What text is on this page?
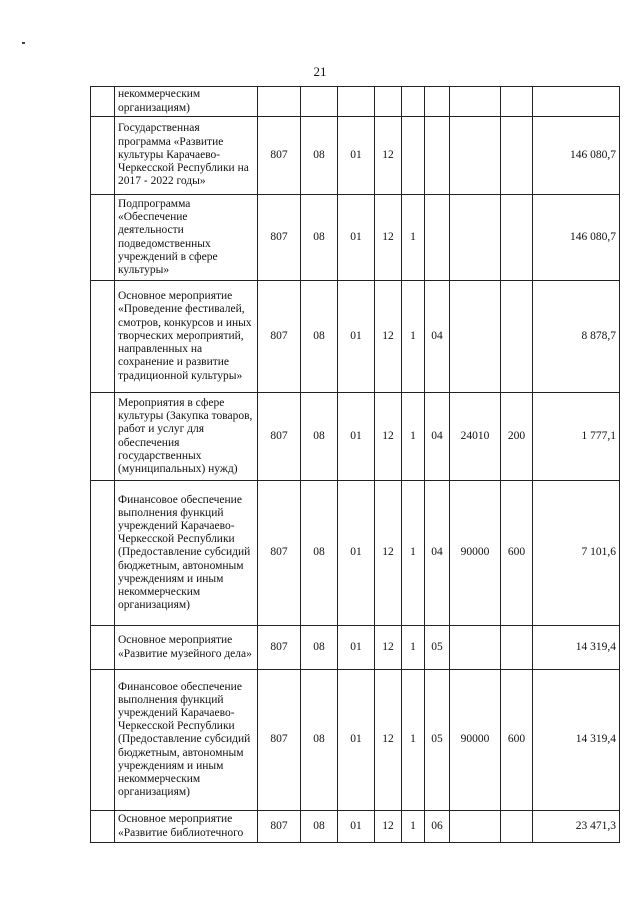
21
	некоммерческим организациям)									
	Государственная программа «Развитие культуры Карачаево-Черкесской Республики на 2017 - 2022 годы»	807	08	01	12					146 080,7
	Подпрограмма «Обеспечение деятельности подведомственных учреждений в сфере культуры»	807	08	01	12	1				146 080,7
	Основное мероприятие «Проведение фестивалей, смотров, конкурсов и иных творческих мероприятий, направленных на сохранение и развитие традиционной культуры»	807	08	01	12	1	04			8 878,7
	Мероприятия в сфере культуры (Закупка товаров, работ и услуг для обеспечения государственных (муниципальных) нужд)	807	08	01	12	1	04	24010	200	1 777,1
	Финансовое обеспечение выполнения функций учреждений Карачаево-Черкесской Республики (Предоставление субсидий бюджетным, автономным учреждениям и иным некоммерческим организациям)	807	08	01	12	1	04	90000	600	7 101,6
	Основное мероприятие «Развитие музейного дела»	807	08	01	12	1	05			14 319,4
	Финансовое обеспечение выполнения функций учреждений Карачаево-Черкесской Республики (Предоставление субсидий бюджетным, автономным учреждениям и иным некоммерческим организациям)	807	08	01	12	1	05	90000	600	14 319,4
	Основное мероприятие «Развитие библиотечного	807	08	01	12	1	06			23 471,3
